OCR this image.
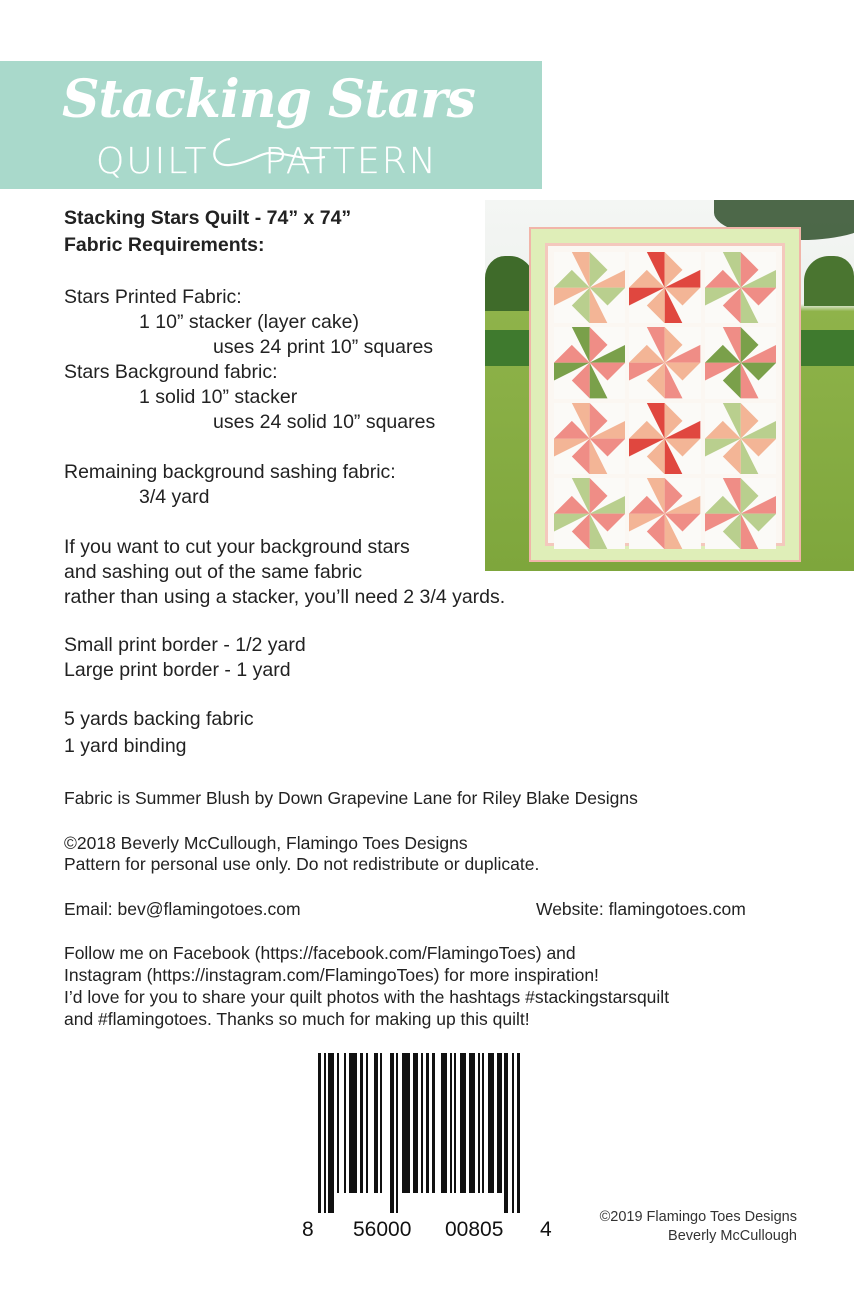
Stacking Stars
QUILT PATTERN
Stacking Stars Quilt - 74” x 74”
Fabric Requirements:
Stars Printed Fabric:
1 10” stacker (layer cake)
uses 24 print 10” squares
Stars Background fabric:
1 solid 10” stacker
uses 24 solid 10” squares
Remaining background sashing fabric:
3/4 yard
If you want to cut your background stars
and sashing out of the same fabric
rather than using a stacker, you’ll need 2 3/4 yards.
Small print border - 1/2 yard
Large print border - 1 yard
5 yards backing fabric
1 yard binding
Fabric is Summer Blush by Down Grapevine Lane for Riley Blake Designs
©2018 Beverly McCullough, Flamingo Toes Designs
Pattern for personal use only. Do not redistribute or duplicate.
Email: bev@flamingotoes.com	Website: flamingotoes.com
Follow me on Facebook (https://facebook.com/FlamingoToes) and
Instagram (https://instagram.com/FlamingoToes) for more inspiration!
I’d love for you to share your quilt photos with the hashtags #stackingstarsquilt
and #flamingotoes. Thanks so much for making up this quilt!
8 56000 00805 4
©2019 Flamingo Toes Designs
Beverly McCullough
